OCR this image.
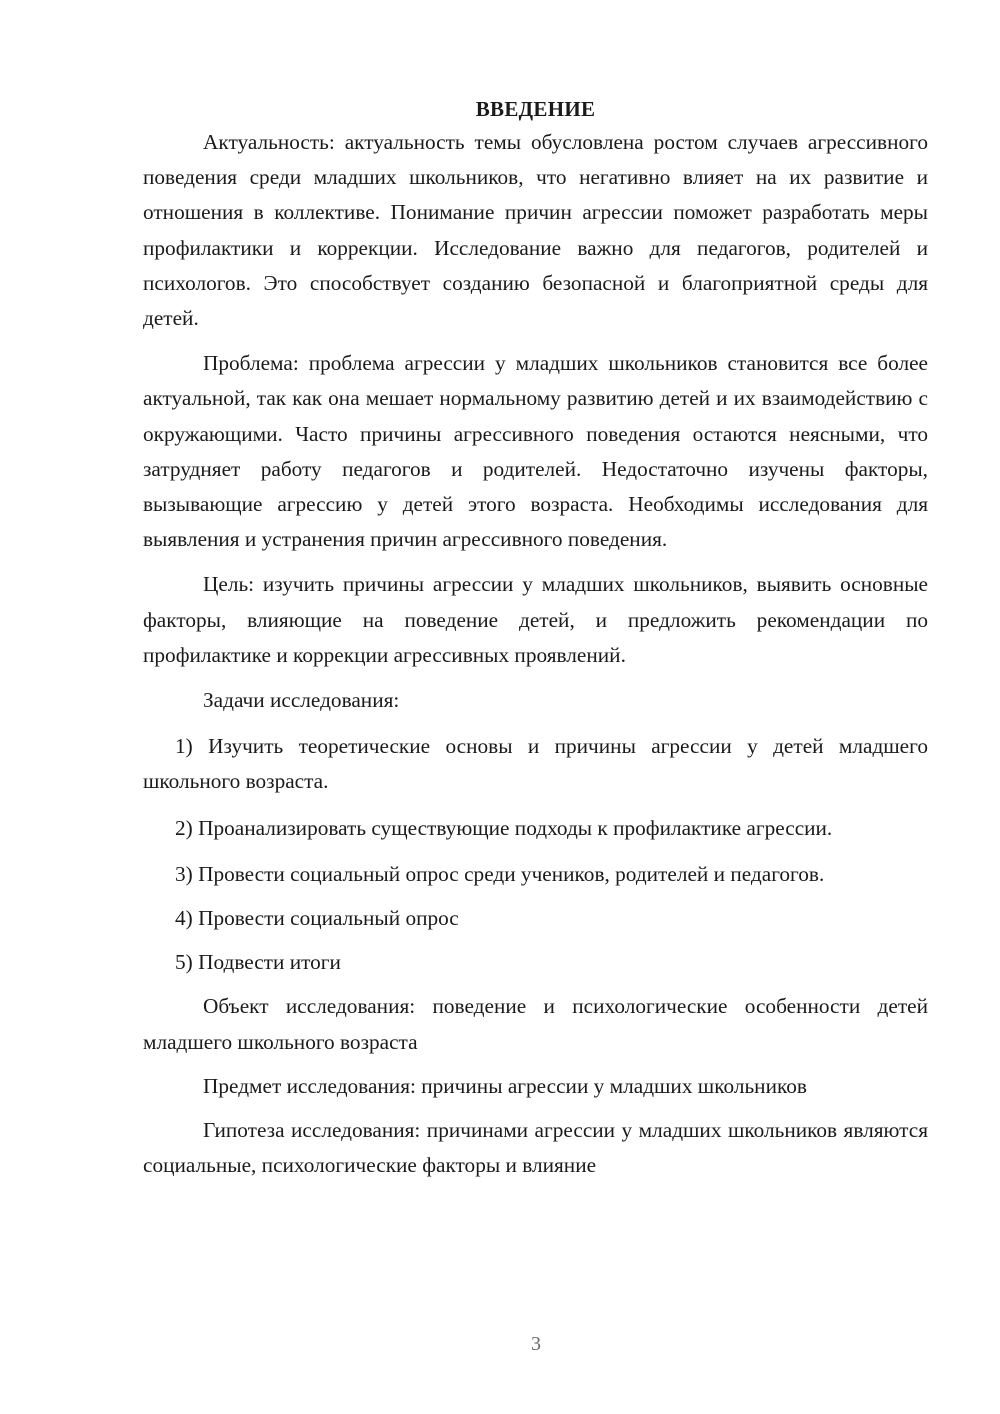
ВВЕДЕНИЕ

Актуальность: актуальность темы обусловлена ростом случаев агрессивного поведения среди младших школьников, что негативно влияет на их развитие и отношения в коллективе. Понимание причин агрессии поможет разработать меры профилактики и коррекции. Исследование важно для педагогов, родителей и психологов. Это способствует созданию безопасной и благоприятной среды для детей.

Проблема: проблема агрессии у младших школьников становится все более актуальной, так как она мешает нормальному развитию детей и их взаимодействию с окружающими. Часто причины агрессивного поведения остаются неясными, что затрудняет работу педагогов и родителей. Недостаточно изучены факторы, вызывающие агрессию у детей этого возраста. Необходимы исследования для выявления и устранения причин агрессивного поведения.

Цель: изучить причины агрессии у младших школьников, выявить основные факторы, влияющие на поведение детей, и предложить рекомендации по профилактике и коррекции агрессивных проявлений.

Задачи исследования:

1) Изучить теоретические основы и причины агрессии у детей младшего школьного возраста.

2) Проанализировать существующие подходы к профилактике агрессии.

3) Провести социальный опрос среди учеников, родителей и педагогов.

4) Провести социальный опрос

5) Подвести итоги

Объект исследования: поведение и психологические особенности детей младшего школьного возраста

Предмет исследования: причины агрессии у младших школьников

Гипотеза исследования: причинами агрессии у младших школьников являются социальные, психологические факторы и влияние

3
